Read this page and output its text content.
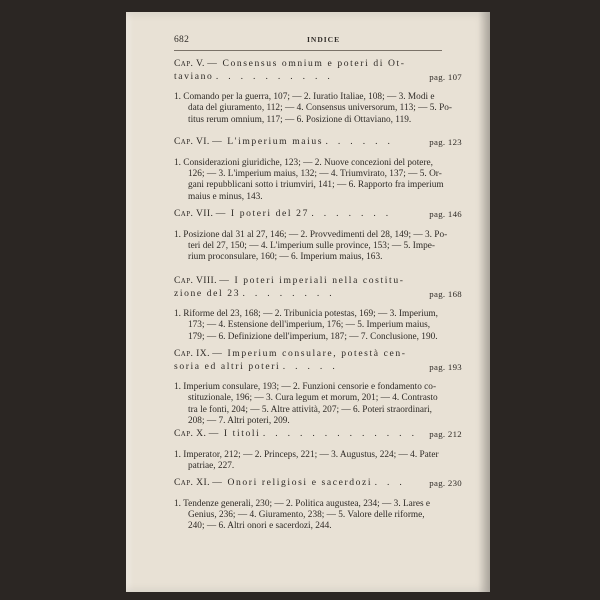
682	INDICE
Cap. V. — Consensus omnium e poteri di Ot-
taviano . . . . . . . . . .	pag. 107
1. Comando per la guerra, 107; — 2. Iuratio Italiae, 108; — 3. Modi e
data del giuramento, 112; — 4. Consensus universorum, 113; — 5. Po-
titus rerum omnium, 117; — 6. Posizione di Ottaviano, 119.
Cap. VI. — L'imperium maius . . . . . .	pag. 123
1. Considerazioni giuridiche, 123; — 2. Nuove concezioni del potere,
126; — 3. L'imperium maius, 132; — 4. Triumvirato, 137; — 5. Or-
gani repubblicani sotto i triumviri, 141; — 6. Rapporto fra imperium
maius e minus, 143.
Cap. VII. — I poteri del 27 . . . . . . .	pag. 146
1. Posizione dal 31 al 27, 146; — 2. Provvedimenti del 28, 149; — 3. Po-
teri del 27, 150; — 4. L'imperium sulle province, 153; — 5. Impe-
rium proconsulare, 160; — 6. Imperium maius, 163.
Cap. VIII. — I poteri imperiali nella costitu-
zione del 23 . . . . . . . .	pag. 168
1. Riforme del 23, 168; — 2. Tribunicia potestas, 169; — 3. Imperium,
173; — 4. Estensione dell'imperium, 176; — 5. Imperium maius,
179; — 6. Definizione dell'imperium, 187; — 7. Conclusione, 190.
Cap. IX. — Imperium consulare, potestà cen-
soria ed altri poteri . . . . .	pag. 193
1. Imperium consulare, 193; — 2. Funzioni censorie e fondamento co-
stituzionale, 196; — 3. Cura legum et morum, 201; — 4. Contrasto
tra le fonti, 204; — 5. Altre attività, 207; — 6. Poteri straordinari,
208; — 7. Altri poteri, 209.
Cap. X. — I titoli . . . . . . . . . . . . .	pag. 212
1. Imperator, 212; — 2. Princeps, 221; — 3. Augustus, 224; — 4. Pater
patriae, 227.
Cap. XI. — Onori religiosi e sacerdozi . . .	pag. 230
1. Tendenze generali, 230; — 2. Politica augustea, 234; — 3. Lares e
Genius, 236; — 4. Giuramento, 238; — 5. Valore delle riforme,
240; — 6. Altri onori e sacerdozi, 244.
